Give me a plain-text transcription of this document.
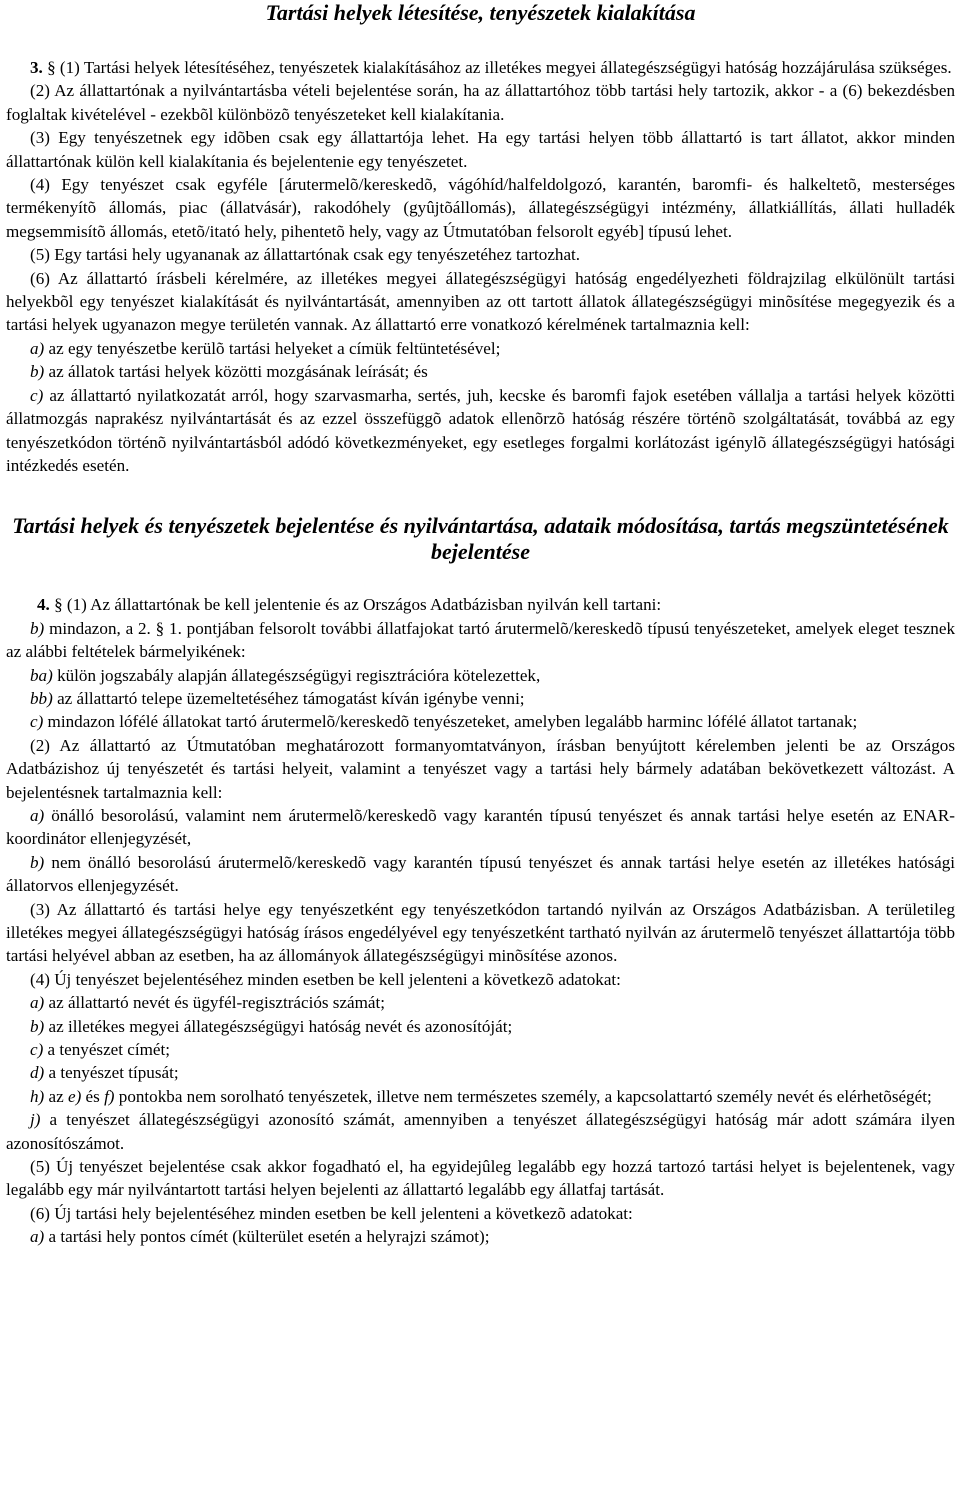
Tartási helyek létesítése, tenyészetek kialakítása

3. § (1) Tartási helyek létesítéséhez, tenyészetek kialakításához az illetékes megyei állategészségügyi hatóság hozzájárulása szükséges.

(2) Az állattartónak a nyilvántartásba vételi bejelentése során, ha az állattartóhoz több tartási hely tartozik, akkor - a (6) bekezdésben foglaltak kivételével - ezekbõl különbözõ tenyészeteket kell kialakítania.

(3) Egy tenyészetnek egy idõben csak egy állattartója lehet. Ha egy tartási helyen több állattartó is tart állatot, akkor minden állattartónak külön kell kialakítania és bejelentenie egy tenyészetet.

(4) Egy tenyészet csak egyféle [árutermelõ/kereskedõ, vágóhíd/halfeldolgozó, karantén, baromfi- és halkeltetõ, mesterséges termékenyítõ állomás, piac (állatvásár), rakodóhely (gyûjtõállomás), állategészségügyi intézmény, állatkiállítás, állati hulladék megsemmisítõ állomás, etetõ/itató hely, pihentetõ hely, vagy az Útmutatóban felsorolt egyéb] típusú lehet.

(5) Egy tartási hely ugyananak az állattartónak csak egy tenyészetéhez tartozhat.

(6) Az állattartó írásbeli kérelmére, az illetékes megyei állategészségügyi hatóság engedélyezheti földrajzilag elkülönült tartási helyekbõl egy tenyészet kialakítását és nyilvántartását, amennyiben az ott tartott állatok állategészségügyi minõsítése megegyezik és a tartási helyek ugyanazon megye területén vannak. Az állattartó erre vonatkozó kérelmének tartalmaznia kell:

a) az egy tenyészetbe kerülõ tartási helyeket a címük feltüntetésével;

b) az állatok tartási helyek közötti mozgásának leírását; és

c) az állattartó nyilatkozatát arról, hogy szarvasmarha, sertés, juh, kecske és baromfi fajok esetében vállalja a tartási helyek közötti állatmozgás naprakész nyilvántartását és az ezzel összefüggõ adatok ellenõrzõ hatóság részére történõ szolgáltatását, továbbá az egy tenyészetkódon történõ nyilvántartásból adódó következményeket, egy esetleges forgalmi korlátozást igénylõ állategészségügyi hatósági intézkedés esetén.

Tartási helyek és tenyészetek bejelentése és nyilvántartása, adataik módosítása, tartás megszüntetésének bejelentése

4. § (1) Az állattartónak be kell jelentenie és az Országos Adatbázisban nyilván kell tartani:

b) mindazon, a 2. § 1. pontjában felsorolt további állatfajokat tartó árutermelõ/kereskedõ típusú tenyészeteket, amelyek eleget tesznek az alábbi feltételek bármelyikének:

ba) külön jogszabály alapján állategészségügyi regisztrációra kötelezettek,

bb) az állattartó telepe üzemeltetéséhez támogatást kíván igénybe venni;

c) mindazon lófélé állatokat tartó árutermelõ/kereskedõ tenyészeteket, amelyben legalább harminc lófélé állatot tartanak;

(2) Az állattartó az Útmutatóban meghatározott formanyomtatványon, írásban benyújtott kérelemben jelenti be az Országos Adatbázishoz új tenyészetét és tartási helyeit, valamint a tenyészet vagy a tartási hely bármely adatában bekövetkezett változást. A bejelentésnek tartalmaznia kell:

a) önálló besorolású, valamint nem árutermelõ/kereskedõ vagy karantén típusú tenyészet és annak tartási helye esetén az ENAR-koordinátor ellenjegyzését,

b) nem önálló besorolású árutermelõ/kereskedõ vagy karantén típusú tenyészet és annak tartási helye esetén az illetékes hatósági állatorvos ellenjegyzését.

(3) Az állattartó és tartási helye egy tenyészetként egy tenyészetkódon tartandó nyilván az Országos Adatbázisban. A területileg illetékes megyei állategészségügyi hatóság írásos engedélyével egy tenyészetként tartható nyilván az árutermelõ tenyészet állattartója több tartási helyével abban az esetben, ha az állományok állategészségügyi minõsítése azonos.

(4) Új tenyészet bejelentéséhez minden esetben be kell jelenteni a következõ adatokat:

a) az állattartó nevét és ügyfél-regisztrációs számát;

b) az illetékes megyei állategészségügyi hatóság nevét és azonosítóját;

c) a tenyészet címét;

d) a tenyészet típusát;

h) az e) és f) pontokba nem sorolható tenyészetek, illetve nem természetes személy, a kapcsolattartó személy nevét és elérhetõségét;

j) a tenyészet állategészségügyi azonosító számát, amennyiben a tenyészet állategészségügyi hatóság már adott számára ilyen azonosítószámot.

(5) Új tenyészet bejelentése csak akkor fogadható el, ha egyidejûleg legalább egy hozzá tartozó tartási helyet is bejelentenek, vagy legalább egy már nyilvántartott tartási helyen bejelenti az állattartó legalább egy állatfaj tartását.

(6) Új tartási hely bejelentéséhez minden esetben be kell jelenteni a következõ adatokat:

a) a tartási hely pontos címét (külterület esetén a helyrajzi számot);
